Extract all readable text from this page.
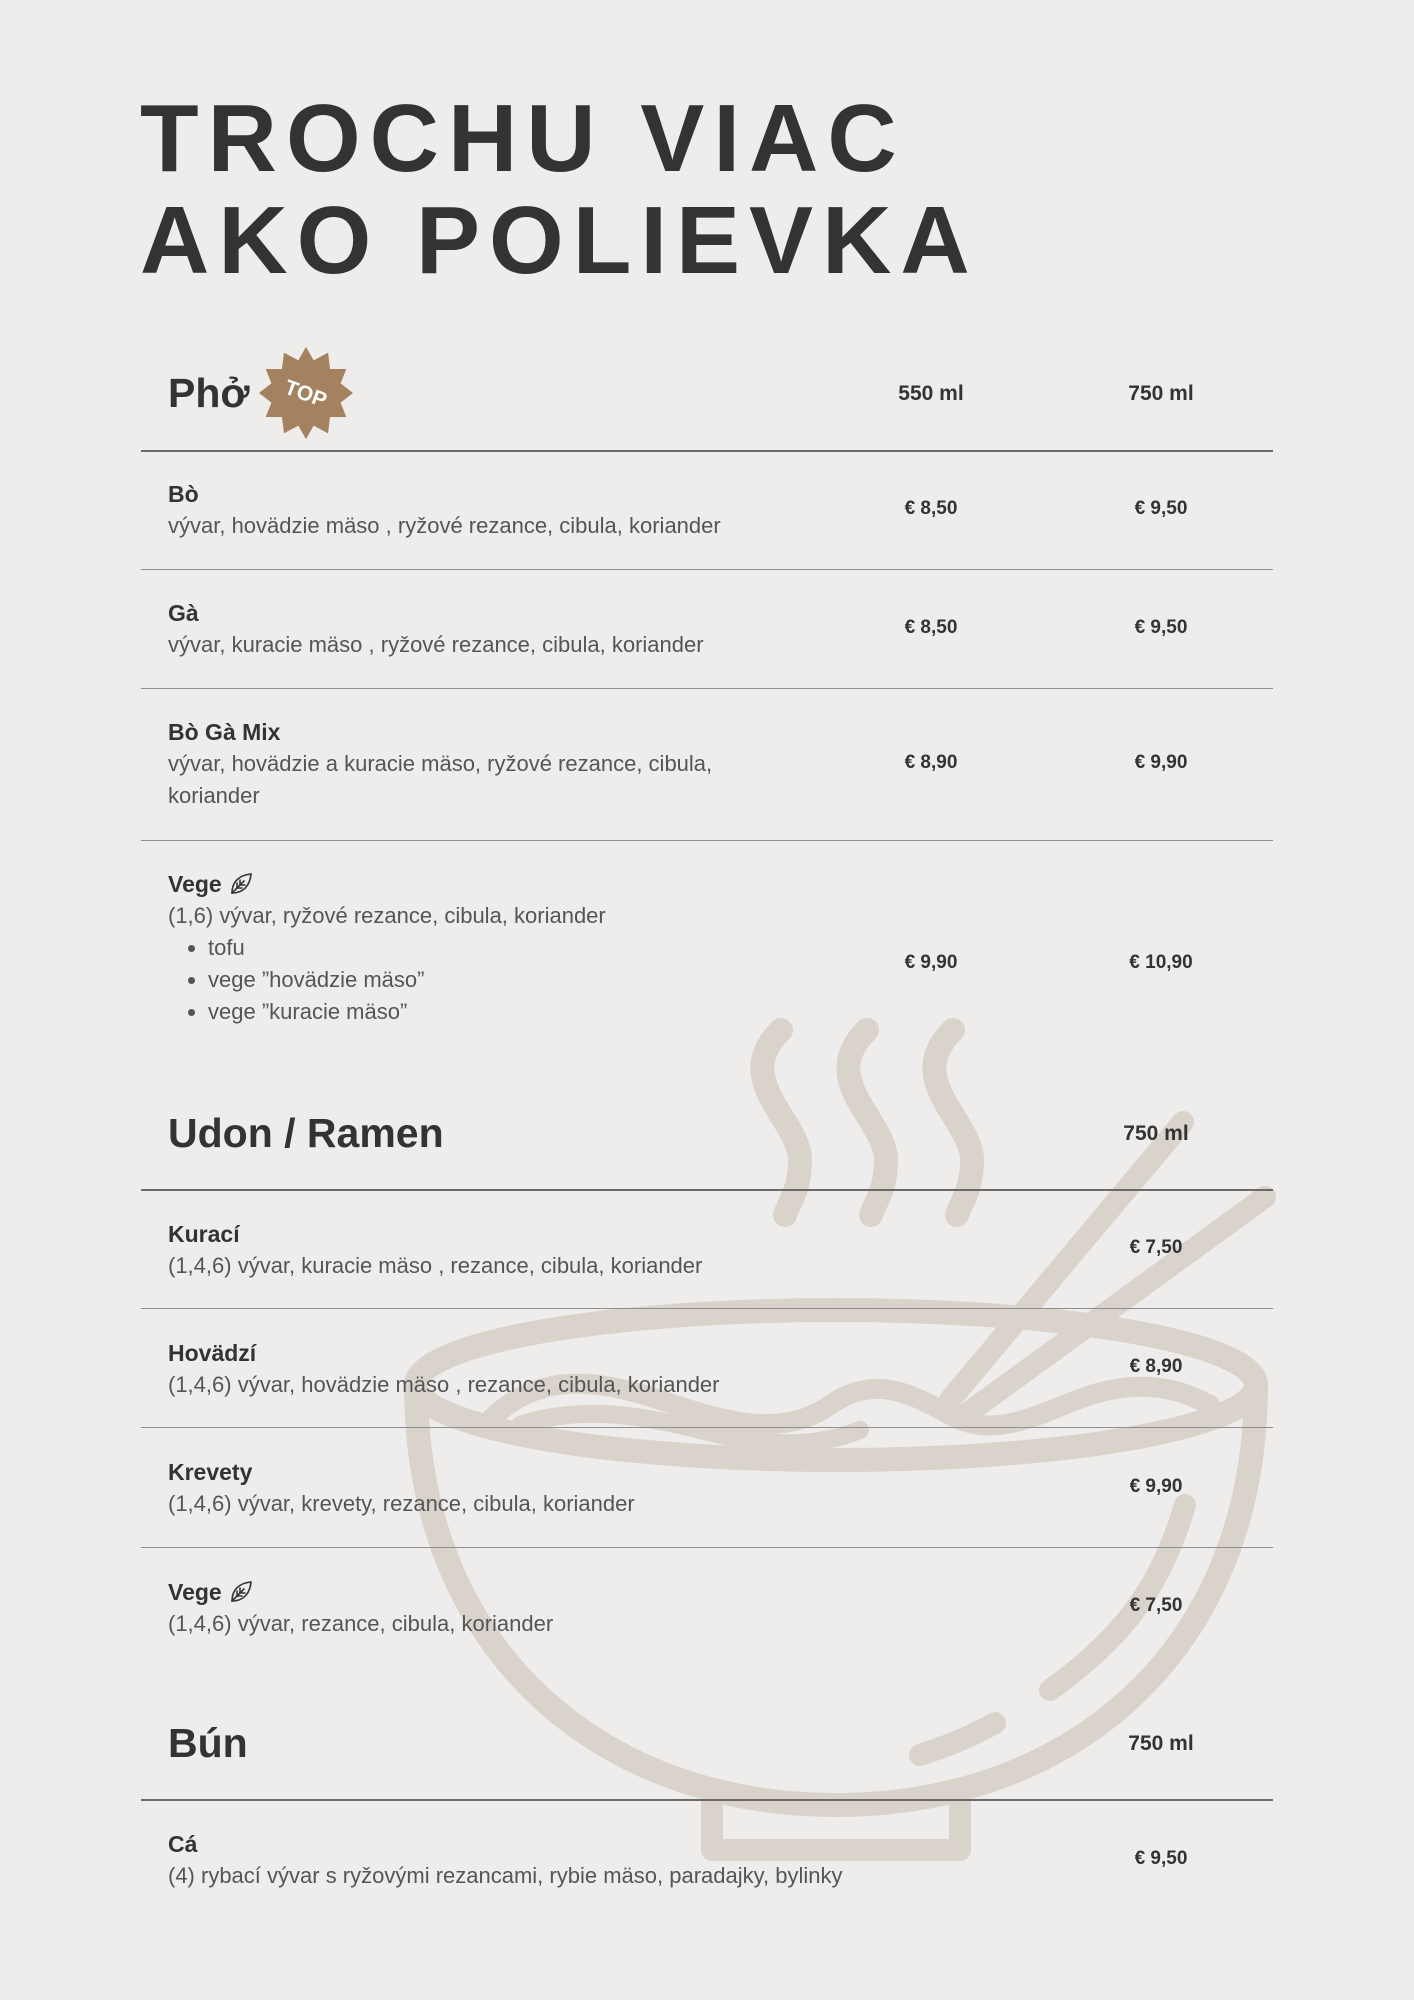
TROCHU VIAC
AKO POLIEVKA
Phở TOP	550 ml	750 ml
Bò

vývar, hovädzie mäso , ryžové rezance, cibula, koriander

€ 8,50	€ 9,50
Gà

vývar, kuracie mäso , ryžové rezance, cibula, koriander

€ 8,50	€ 9,50
Bò Gà Mix

vývar, hovädzie a kuracie mäso, ryžové rezance, cibula, koriander

€ 8,90	€ 9,90
Vege

(1,6) vývar, ryžové rezance, cibula, koriander

• tofu
• vege ”hovädzie mäso”
• vege ”kuracie mäso”
€ 9,90	€ 10,90
Udon / Ramen	750 ml
Kurací

(1,4,6) vývar, kuracie mäso , rezance, cibula, koriander

€ 7,50
Hovädzí

(1,4,6) vývar, hovädzie mäso , rezance, cibula, koriander

€ 8,90
Krevety

(1,4,6) vývar, krevety, rezance, cibula, koriander

€ 9,90
Vege

(1,4,6) vývar, rezance, cibula, koriander

€ 7,50
Bún	750 ml
Cá

(4) rybací vývar s ryžovými rezancami, rybie mäso, paradajky, bylinky

€ 9,50
